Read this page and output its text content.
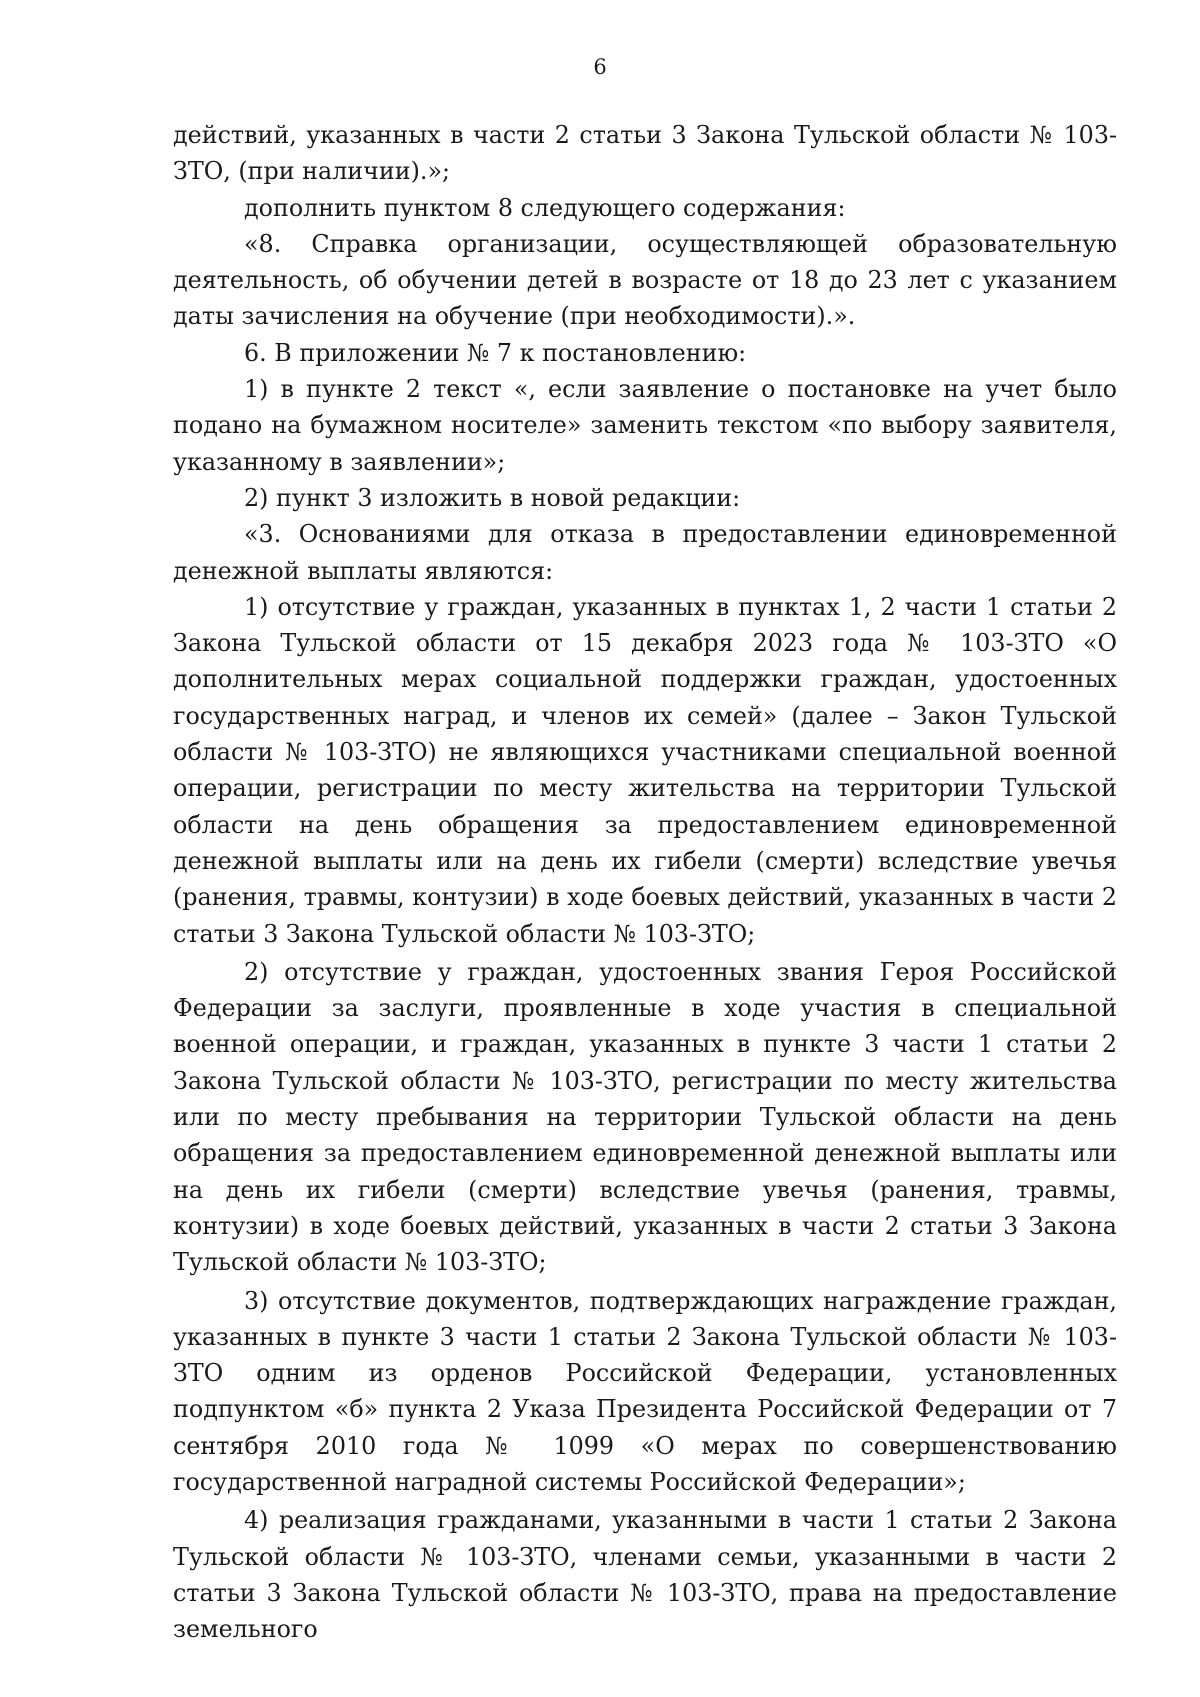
6

действий, указанных в части 2 статьи 3 Закона Тульской области № 103-ЗТО, (при наличии).»;

дополнить пунктом 8 следующего содержания:

«8. Справка организации, осуществляющей образовательную деятельность, об обучении детей в возрасте от 18 до 23 лет с указанием даты зачисления на обучение (при необходимости).».

6. В приложении № 7 к постановлению:

1) в пункте 2 текст «, если заявление о постановке на учет было подано на бумажном носителе» заменить текстом «по выбору заявителя, указанному в заявлении»;

2) пункт 3 изложить в новой редакции:

«3. Основаниями для отказа в предоставлении единовременной денежной выплаты являются:

1) отсутствие у граждан, указанных в пунктах 1, 2 части 1 статьи 2 Закона Тульской области от 15 декабря 2023 года № 103-ЗТО «О дополнительных мерах социальной поддержки граждан, удостоенных государственных наград, и членов их семей» (далее – Закон Тульской области № 103-ЗТО) не являющихся участниками специальной военной операции, регистрации по месту жительства на территории Тульской области на день обращения за предоставлением единовременной денежной выплаты или на день их гибели (смерти) вследствие увечья (ранения, травмы, контузии) в ходе боевых действий, указанных в части 2 статьи 3 Закона Тульской области № 103-ЗТО;

2) отсутствие у граждан, удостоенных звания Героя Российской Федерации за заслуги, проявленные в ходе участия в специальной военной операции, и граждан, указанных в пункте 3 части 1 статьи 2 Закона Тульской области № 103-ЗТО, регистрации по месту жительства или по месту пребывания на территории Тульской области на день обращения за предоставлением единовременной денежной выплаты или на день их гибели (смерти) вследствие увечья (ранения, травмы, контузии) в ходе боевых действий, указанных в части 2 статьи 3 Закона Тульской области № 103-ЗТО;

3) отсутствие документов, подтверждающих награждение граждан, указанных в пункте 3 части 1 статьи 2 Закона Тульской области № 103-ЗТО одним из орденов Российской Федерации, установленных подпунктом «б» пункта 2 Указа Президента Российской Федерации от 7 сентября 2010 года № 1099 «О мерах по совершенствованию государственной наградной системы Российской Федерации»;

4) реализация гражданами, указанными в части 1 статьи 2 Закона Тульской области № 103-ЗТО, членами семьи, указанными в части 2 статьи 3 Закона Тульской области № 103-ЗТО, права на предоставление земельного
